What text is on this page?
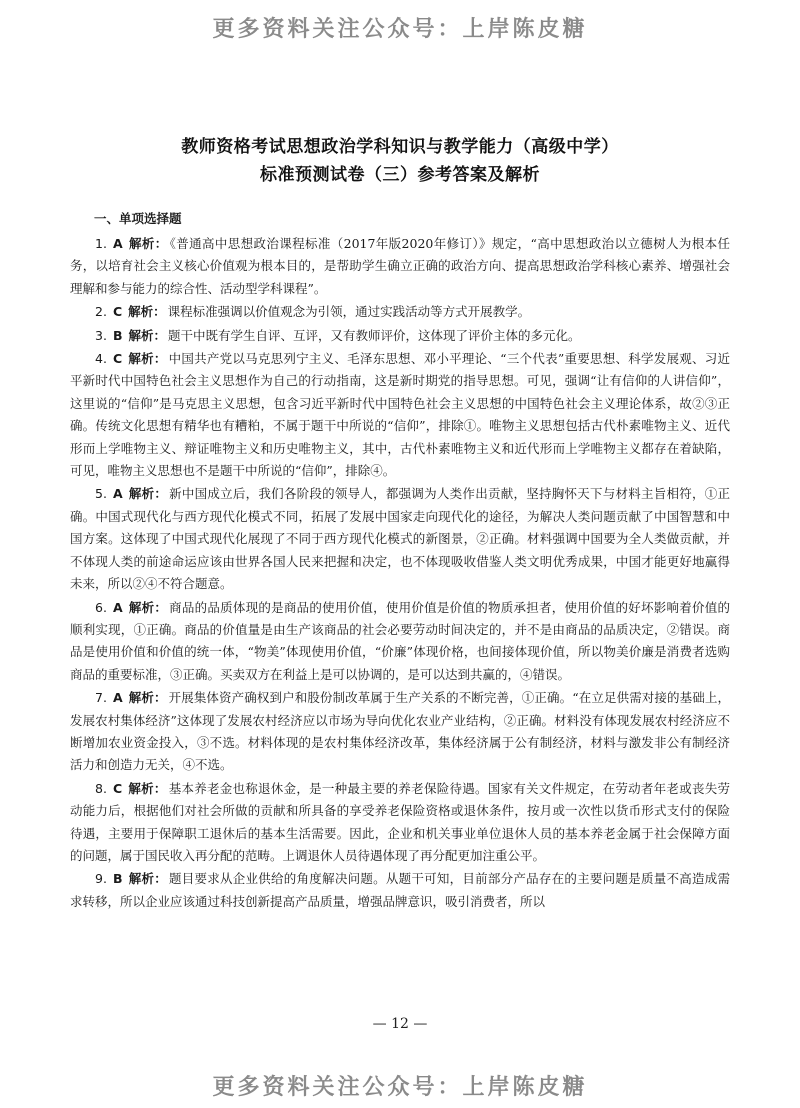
更多资料关注公众号：上岸陈皮糖
教师资格考试思想政治学科知识与教学能力（高级中学）
标准预测试卷（三）参考答案及解析
一、单项选择题

1. A 解析： 《普通高中思想政治课程标准（2017年版2020年修订）》规定，“高中思想政治以立德树人为根本任务，以培育社会主义核心价值观为根本目的，是帮助学生确立正确的政治方向、提高思想政治学科核心素养、增强社会理解和参与能力的综合性、活动型学科课程”。

2. C 解析： 课程标准强调以价值观念为引领，通过实践活动等方式开展教学。

3. B 解析： 题干中既有学生自评、互评，又有教师评价，这体现了评价主体的多元化。

4. C 解析： 中国共产党以马克思列宁主义、毛泽东思想、邓小平理论、“三个代表”重要思想、科学发展观、习近平新时代中国特色社会主义思想作为自己的行动指南，这是新时期党的指导思想。可见，强调“让有信仰的人讲信仰”，这里说的“信仰”是马克思主义思想，包含习近平新时代中国特色社会主义思想的中国特色社会主义理论体系，故②③正确。传统文化思想有精华也有糟粕，不属于题干中所说的“信仰”，排除①。唯物主义思想包括古代朴素唯物主义、近代形而上学唯物主义、辩证唯物主义和历史唯物主义，其中，古代朴素唯物主义和近代形而上学唯物主义都存在着缺陷，可见，唯物主义思想也不是题干中所说的“信仰”，排除④。

5. A 解析： 新中国成立后，我们各阶段的领导人，都强调为人类作出贡献，坚持胸怀天下与材料主旨相符，①正确。中国式现代化与西方现代化模式不同，拓展了发展中国家走向现代化的途径，为解决人类问题贡献了中国智慧和中国方案。这体现了中国式现代化展现了不同于西方现代化模式的新图景，②正确。材料强调中国要为全人类做贡献，并不体现人类的前途命运应该由世界各国人民来把握和决定，也不体现吸收借鉴人类文明优秀成果，中国才能更好地赢得未来，所以②④不符合题意。

6. A 解析： 商品的品质体现的是商品的使用价值，使用价值是价值的物质承担者，使用价值的好坏影响着价值的顺利实现，①正确。商品的价值量是由生产该商品的社会必要劳动时间决定的，并不是由商品的品质决定，②错误。商品是使用价值和价值的统一体，“物美”体现使用价值，“价廉”体现价格，也间接体现价值，所以物美价廉是消费者选购商品的重要标准，③正确。买卖双方在利益上是可以协调的，是可以达到共赢的，④错误。

7. A 解析： 开展集体资产确权到户和股份制改革属于生产关系的不断完善，①正确。“在立足供需对接的基础上，发展农村集体经济”这体现了发展农村经济应以市场为导向优化农业产业结构，②正确。材料没有体现发展农村经济应不断增加农业资金投入，③不选。材料体现的是农村集体经济改革，集体经济属于公有制经济，材料与激发非公有制经济活力和创造力无关，④不选。

8. C 解析： 基本养老金也称退休金，是一种最主要的养老保险待遇。国家有关文件规定，在劳动者年老或丧失劳动能力后，根据他们对社会所做的贡献和所具备的享受养老保险资格或退休条件，按月或一次性以货币形式支付的保险待遇，主要用于保障职工退休后的基本生活需要。因此，企业和机关事业单位退休人员的基本养老金属于社会保障方面的问题，属于国民收入再分配的范畴。上调退休人员待遇体现了再分配更加注重公平。

9. B 解析： 题目要求从企业供给的角度解决问题。从题干可知，目前部分产品存在的主要问题是质量不高造成需求转移，所以企业应该通过科技创新提高产品质量，增强品牌意识，吸引消费者，所以

— 12 —
更多资料关注公众号：上岸陈皮糖
